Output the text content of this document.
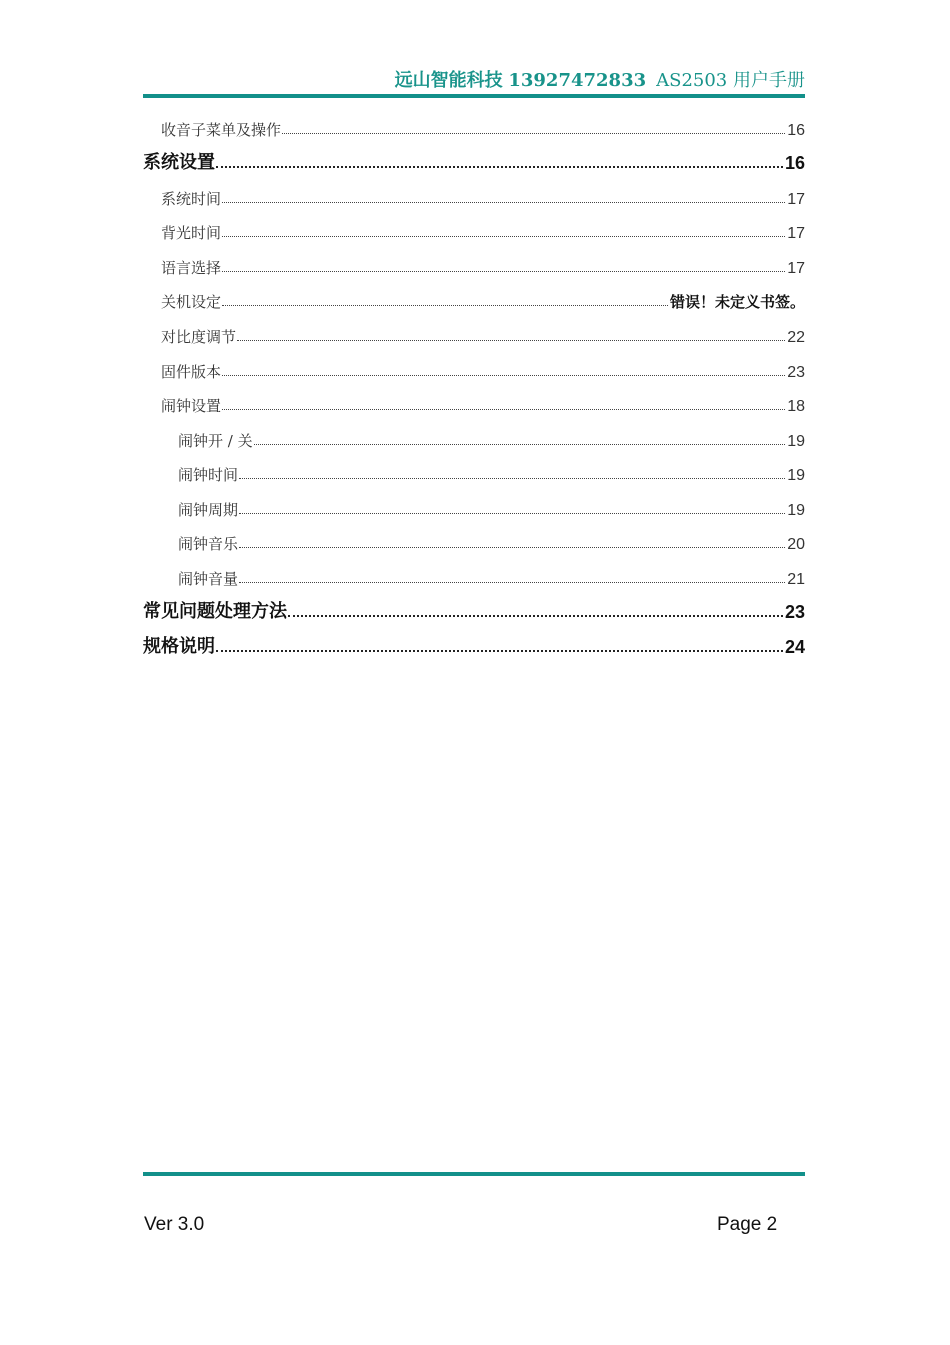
远山智能科技 13927472833 AS2503 用户手册
收音子菜单及操作	16
系统设置	16
系统时间	17
背光时间	17
语言选择	17
关机设定	错误！未定义书签。
对比度调节	22
固件版本	23
闹钟设置	18
闹钟开 / 关	19
闹钟时间	19
闹钟周期	19
闹钟音乐	20
闹钟音量	21
常见问题处理方法	23
规格说明	24
Ver 3.0	Page 2
